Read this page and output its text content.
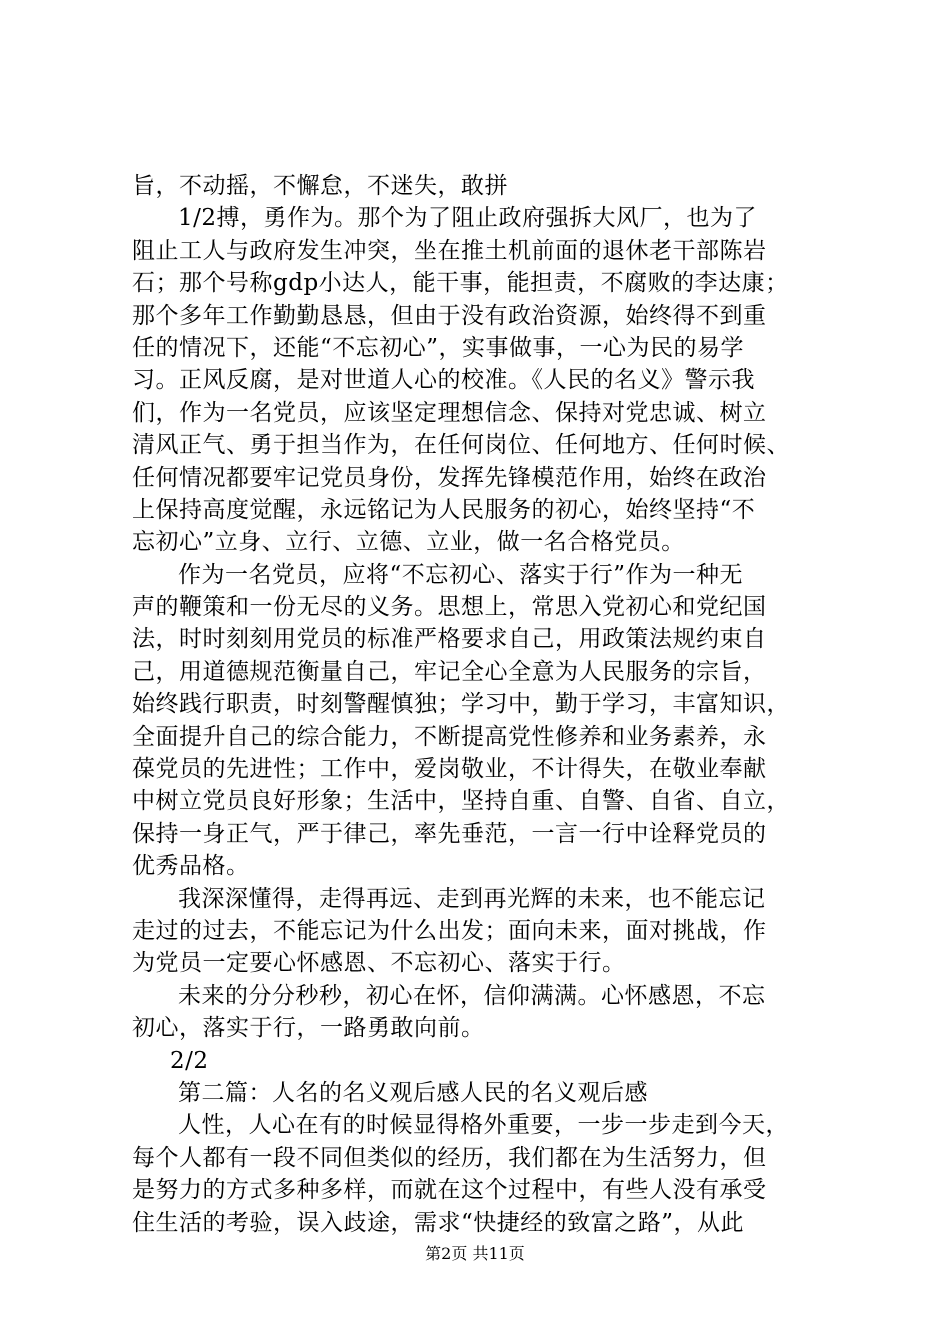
旨，不动摇，不懈怠，不迷失，敢拼
1/2搏，勇作为。那个为了阻止政府强拆大风厂，也为了
阻止工人与政府发生冲突，坐在推土机前面的退休老干部陈岩
石；那个号称gdp小达人，能干事，能担责，不腐败的李达康；
那个多年工作勤勤恳恳，但由于没有政治资源，始终得不到重
任的情况下，还能“不忘初心”，实事做事，一心为民的易学
习。正风反腐，是对世道人心的校准。《人民的名义》警示我
们，作为一名党员，应该坚定理想信念、保持对党忠诚、树立
清风正气、勇于担当作为，在任何岗位、任何地方、任何时候、
任何情况都要牢记党员身份，发挥先锋模范作用，始终在政治
上保持高度觉醒，永远铭记为人民服务的初心，始终坚持“不
忘初心”立身、立行、立德、立业，做一名合格党员。
作为一名党员，应将“不忘初心、落实于行”作为一种无
声的鞭策和一份无尽的义务。思想上，常思入党初心和党纪国
法，时时刻刻用党员的标准严格要求自己，用政策法规约束自
己，用道德规范衡量自己，牢记全心全意为人民服务的宗旨，
始终践行职责，时刻警醒慎独；学习中，勤于学习，丰富知识，
全面提升自己的综合能力，不断提高党性修养和业务素养，永
葆党员的先进性；工作中，爱岗敬业，不计得失，在敬业奉献
中树立党员良好形象；生活中，坚持自重、自警、自省、自立，
保持一身正气，严于律己，率先垂范，一言一行中诠释党员的
优秀品格。
我深深懂得，走得再远、走到再光辉的未来，也不能忘记
走过的过去，不能忘记为什么出发；面向未来，面对挑战，作
为党员一定要心怀感恩、不忘初心、落实于行。
未来的分分秒秒，初心在怀，信仰满满。心怀感恩，不忘
初心，落实于行，一路勇敢向前。
2/2
第二篇：人名的名义观后感人民的名义观后感
人性，人心在有的时候显得格外重要，一步一步走到今天，
每个人都有一段不同但类似的经历，我们都在为生活努力，但
是努力的方式多种多样，而就在这个过程中，有些人没有承受
住生活的考验，误入歧途，需求“快捷经的致富之路”，从此
第2页 共11页
